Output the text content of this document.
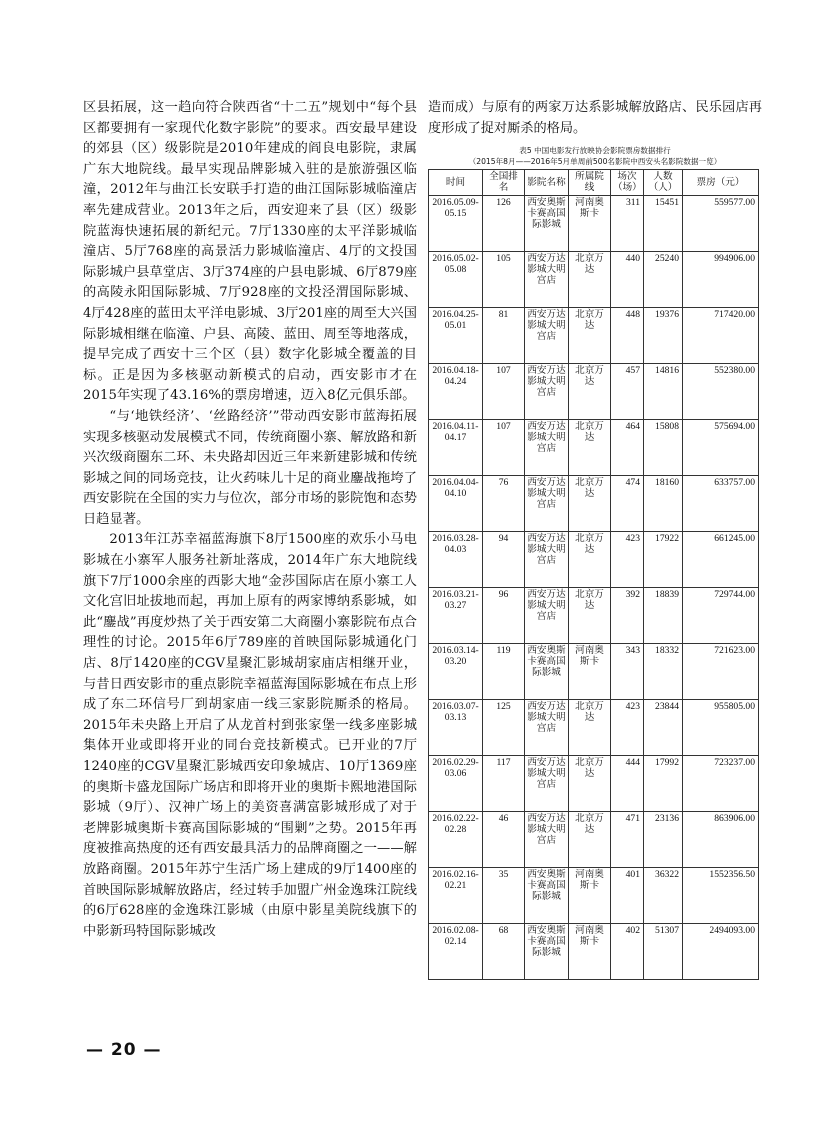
区县拓展，这一趋向符合陕西省“十二五”规划中“每个县区都要拥有一家现代化数字影院”的要求。西安最早建设的郊县（区）级影院是2010年建成的阎良电影院，隶属广东大地院线。最早实现品牌影城入驻的是旅游强区临潼，2012年与曲江长安联手打造的曲江国际影城临潼店率先建成营业。2013年之后，西安迎来了县（区）级影院蓝海快速拓展的新纪元。7厅1330座的太平洋影城临潼店、5厅768座的高景活力影城临潼店、4厅的文投国际影城户县草堂店、3厅374座的户县电影城、6厅879座的高陵永阳国际影城、7厅928座的文投泾渭国际影城、4厅428座的蓝田太平洋电影城、3厅201座的周至大兴国际影城相继在临潼、户县、高陵、蓝田、周至等地落成，提早完成了西安十三个区（县）数字化影城全覆盖的目标。正是因为多核驱动新模式的启动，西安影市才在2015年实现了43.16%的票房增速，迈入8亿元俱乐部。

“与‘地铁经济’、‘丝路经济’”带动西安影市蓝海拓展实现多核驱动发展模式不同，传统商圈小寨、解放路和新兴次级商圈东二环、未央路却因近三年来新建影城和传统影城之间的同场竞技，让火药味儿十足的商业鏖战拖垮了西安影院在全国的实力与位次，部分市场的影院饱和态势日趋显著。

2013年江苏幸福蓝海旗下8厅1500座的欢乐小马电影城在小寨军人服务社新址落成，2014年广东大地院线旗下7厅1000余座的西影大地“金莎国际店在原小寨工人文化宫旧址拔地而起，再加上原有的两家博纳系影城，如此“鏖战”再度炒热了关于西安第二大商圈小寨影院布点合理性的讨论。2015年6厅789座的首映国际影城通化门店、8厅1420座的CGV星聚汇影城胡家庙店相继开业，与昔日西安影市的重点影院幸福蓝海国际影城在布点上形成了东二环信号厂到胡家庙一线三家影院厮杀的格局。2015年未央路上开启了从龙首村到张家堡一线多座影城集体开业或即将开业的同台竞技新模式。已开业的7厅1240座的CGV星聚汇影城西安印象城店、10厅1369座的奥斯卡盛龙国际广场店和即将开业的奥斯卡熙地港国际影城（9厅）、汉神广场上的美资喜满富影城形成了对于老牌影城奥斯卡赛高国际影城的“围剿”之势。2015年再度被推高热度的还有西安最具活力的品牌商圈之一——解放路商圈。2015年苏宁生活广场上建成的9厅1400座的首映国际影城解放路店，经过转手加盟广州金逸珠江院线的6厅628座的金逸珠江影城（由原中影星美院线旗下的中影新玛特国际影城改

造而成）与原有的两家万达系影城解放路店、民乐园店再度形成了捉对厮杀的格局。

表5 中国电影发行放映协会影院票房数据排行
（2015年8月——2016年5月单周前500名影院中西安头名影院数据一览）
时间	全国排名	影院名称	所属院线	场次（场）	人数（人）	票房（元）
2016.05.09-05.15	126	西安奥斯卡赛高国际影城	河南奥斯卡	311	15451	559577.00
2016.05.02-05.08	105	西安万达影城大明宫店	北京万达	440	25240	994906.00
2016.04.25-05.01	81	西安万达影城大明宫店	北京万达	448	19376	717420.00
2016.04.18-04.24	107	西安万达影城大明宫店	北京万达	457	14816	552380.00
2016.04.11-04.17	107	西安万达影城大明宫店	北京万达	464	15808	575694.00
2016.04.04-04.10	76	西安万达影城大明宫店	北京万达	474	18160	633757.00
2016.03.28-04.03	94	西安万达影城大明宫店	北京万达	423	17922	661245.00
2016.03.21-03.27	96	西安万达影城大明宫店	北京万达	392	18839	729744.00
2016.03.14-03.20	119	西安奥斯卡赛高国际影城	河南奥斯卡	343	18332	721623.00
2016.03.07-03.13	125	西安万达影城大明宫店	北京万达	423	23844	955805.00
2016.02.29-03.06	117	西安万达影城大明宫店	北京万达	444	17992	723237.00
2016.02.22-02.28	46	西安万达影城大明宫店	北京万达	471	23136	863906.00
2016.02.16-02.21	35	西安奥斯卡赛高国际影城	河南奥斯卡	401	36322	1552356.50
2016.02.08-02.14	68	西安奥斯卡赛高国际影城	河南奥斯卡	402	51307	2494093.00
— 20 —
